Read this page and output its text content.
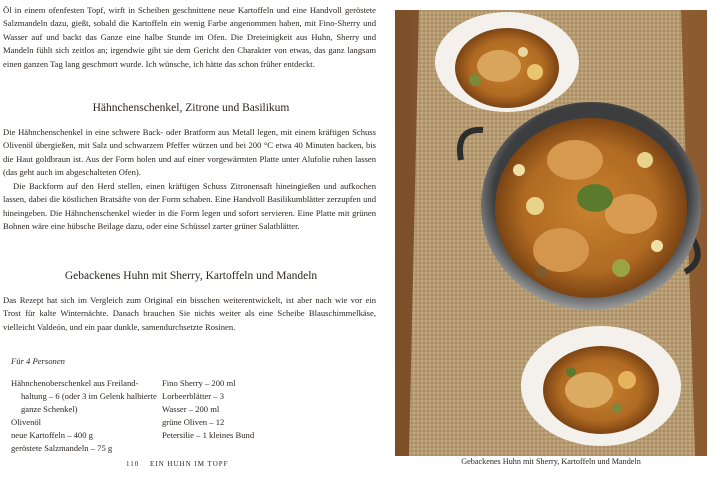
Öl in einem ofenfesten Topf, wirft in Scheiben geschnittene neue Kartoffeln und eine Handvoll geröstete Salzmandeln dazu, gießt, sobald die Kartoffeln ein wenig Farbe angenommen haben, mit Fino-Sherry und Wasser auf und backt das Ganze eine halbe Stunde im Ofen. Die Dreieinigkeit aus Huhn, Sherry und Mandeln fühlt sich zeitlos an; irgendwie gibt sie dem Gericht den Charakter von etwas, das ganz langsam einen ganzen Tag lang geschmort wurde. Ich wünsche, ich hätte das schon früher entdeckt.

Hähnchenschenkel, Zitrone und Basilikum

Die Hähnchenschenkel in eine schwere Back- oder Bratform aus Metall legen, mit einem kräftigen Schuss Olivenöl übergießen, mit Salz und schwarzem Pfeffer würzen und bei 200 °C etwa 40 Minuten backen, bis die Haut goldbraun ist. Aus der Form holen und auf einer vorgewärmten Platte unter Alufolie ruhen lassen (das geht auch im abgeschalteten Ofen).

Die Backform auf den Herd stellen, einen kräftigen Schuss Zitronensaft hineingießen und aufkochen lassen, dabei die köstlichen Bratsäfte von der Form schaben. Eine Handvoll Basilikumblätter zerzupfen und hineingeben. Die Hähnchenschenkel wieder in die Form legen und sofort servieren. Eine Platte mit grünen Bohnen wäre eine hübsche Beilage dazu, oder eine Schüssel zarter grüner Salatblätter.

Gebackenes Huhn mit Sherry, Kartoffeln und Mandeln

Das Rezept hat sich im Vergleich zum Original ein bisschen weiterentwickelt, ist aber nach wie vor ein Trost für kalte Winternächte. Danach brauchen Sie nichts weiter als eine Scheibe Blauschimmelkäse, vielleicht Valdeón, und ein paar dunkle, samendurchsetzte Rosinen.

Für 4 Personen

Hähnchenoberschenkel aus Freiland-
haltung – 6 (oder 3 im Gelenk halbierte ganze Schenkel)
Olivenöl
neue Kartoffeln – 400 g
geröstete Salzmandeln – 75 g
Fino Sherry – 200 ml
Lorbeerblätter – 3
Wasser – 200 ml
grüne Oliven – 12
Petersilie – 1 kleines Bund
110 EIN HUHN IM TOPF	Gebackenes Huhn mit Sherry, Kartoffeln und Mandeln
